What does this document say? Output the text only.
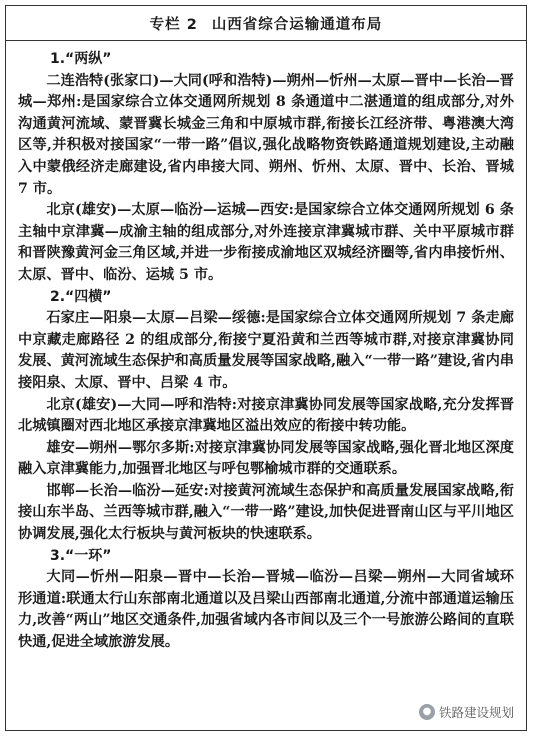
专栏 2 山西省综合运输通道布局
1.“两纵”

二连浩特(张家口)—大同(呼和浩特)—朔州—忻州—太原—晋中—长治—晋城—郑州:是国家综合立体交通网所规划 8 条通道中二湛通道的组成部分,对外沟通黄河流域、蒙晋冀长城金三角和中原城市群,衔接长江经济带、粤港澳大湾区等,并积极对接国家“一带一路”倡议,强化战略物资铁路通道规划建设,主动融入中蒙俄经济走廊建设,省内串接大同、朔州、忻州、太原、晋中、长治、晋城 7 市。

北京(雄安)—太原—临汾—运城—西安:是国家综合立体交通网所规划 6 条主轴中京津冀—成渝主轴的组成部分,对外连接京津冀城市群、关中平原城市群和晋陕豫黄河金三角区域,并进一步衔接成渝地区双城经济圈等,省内串接忻州、太原、晋中、临汾、运城 5 市。

2.“四横”

石家庄—阳泉—太原—吕梁—绥德:是国家综合立体交通网所规划 7 条走廊中京藏走廊路径 2 的组成部分,衔接宁夏沿黄和兰西等城市群,对接京津冀协同发展、黄河流域生态保护和高质量发展等国家战略,融入“一带一路”建设,省内串接阳泉、太原、晋中、吕梁 4 市。

北京(雄安)—大同—呼和浩特:对接京津冀协同发展等国家战略,充分发挥晋北城镇圈对西北地区承接京津冀地区溢出效应的衔接中转功能。

雄安—朔州—鄂尔多斯:对接京津冀协同发展等国家战略,强化晋北地区深度融入京津冀能力,加强晋北地区与呼包鄂榆城市群的交通联系。

邯郸—长治—临汾—延安:对接黄河流域生态保护和高质量发展国家战略,衔接山东半岛、兰西等城市群,融入“一带一路”建设,加快促进晋南山区与平川地区协调发展,强化太行板块与黄河板块的快速联系。

3.“一环”

大同—忻州—阳泉—晋中—长治—晋城—临汾—吕梁—朔州—大同省域环形通道:联通太行山东部南北通道以及吕梁山西部南北通道,分流中部通道运输压力,改善“两山”地区交通条件,加强省域内各市间以及三个一号旅游公路间的直联快通,促进全域旅游发展。

● 铁路建设规划
